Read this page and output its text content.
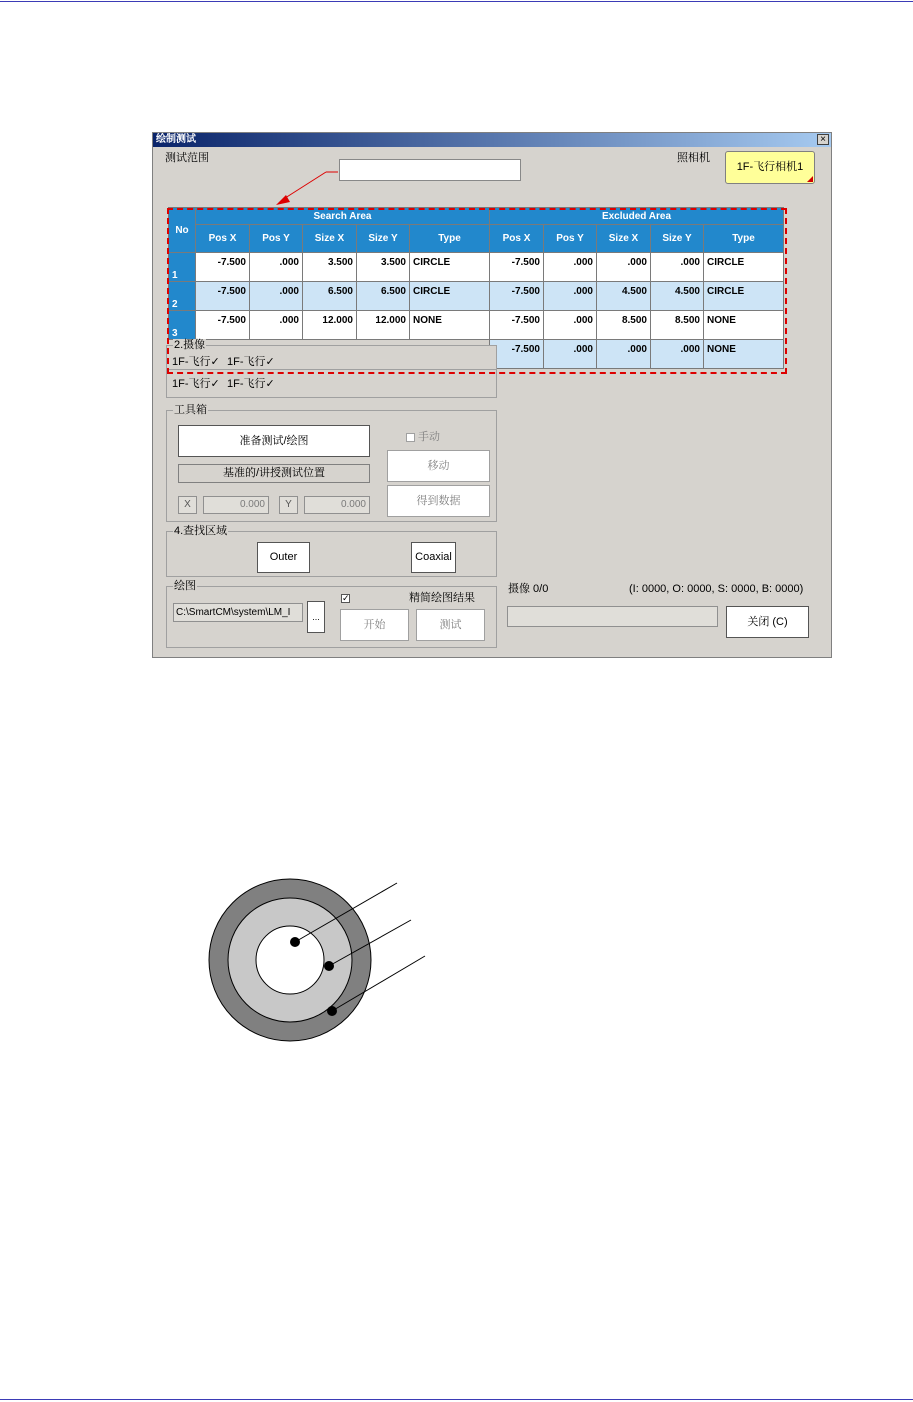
绘制测试	×
测试范围	照相机
1F-飞行相机1
No	Search Area					Excluded Area				
	Pos X	Pos Y	Size X	Size Y	Type	Pos X	Pos Y	Size X	Size Y	Type
1	-7.500	.000	3.500	3.500	CIRCLE	-7.500	.000	.000	.000	CIRCLE
2	-7.500	.000	6.500	6.500	CIRCLE	-7.500	.000	4.500	4.500	CIRCLE
3	-7.500	.000	12.000	12.000	NONE	-7.500	.000	8.500	8.500	NONE
						-7.500	.000	.000	.000	NONE
2.摄像
1F-飞行✓ 1F-飞行✓
1F-飞行✓ 1F-飞行✓
工具箱
准备测试/绘图	手动
移动
基准的/讲授测试位置
得到数据
X	0.000	Y	0.000
4.查找区域
Outer	Coaxial
绘图
C:\SmartCM\system\LM_I	...
✓	精简绘图结果
开始	测试
摄像 0/0	(I: 0000, O: 0000, S: 0000, B: 0000)
关闭 (C)
